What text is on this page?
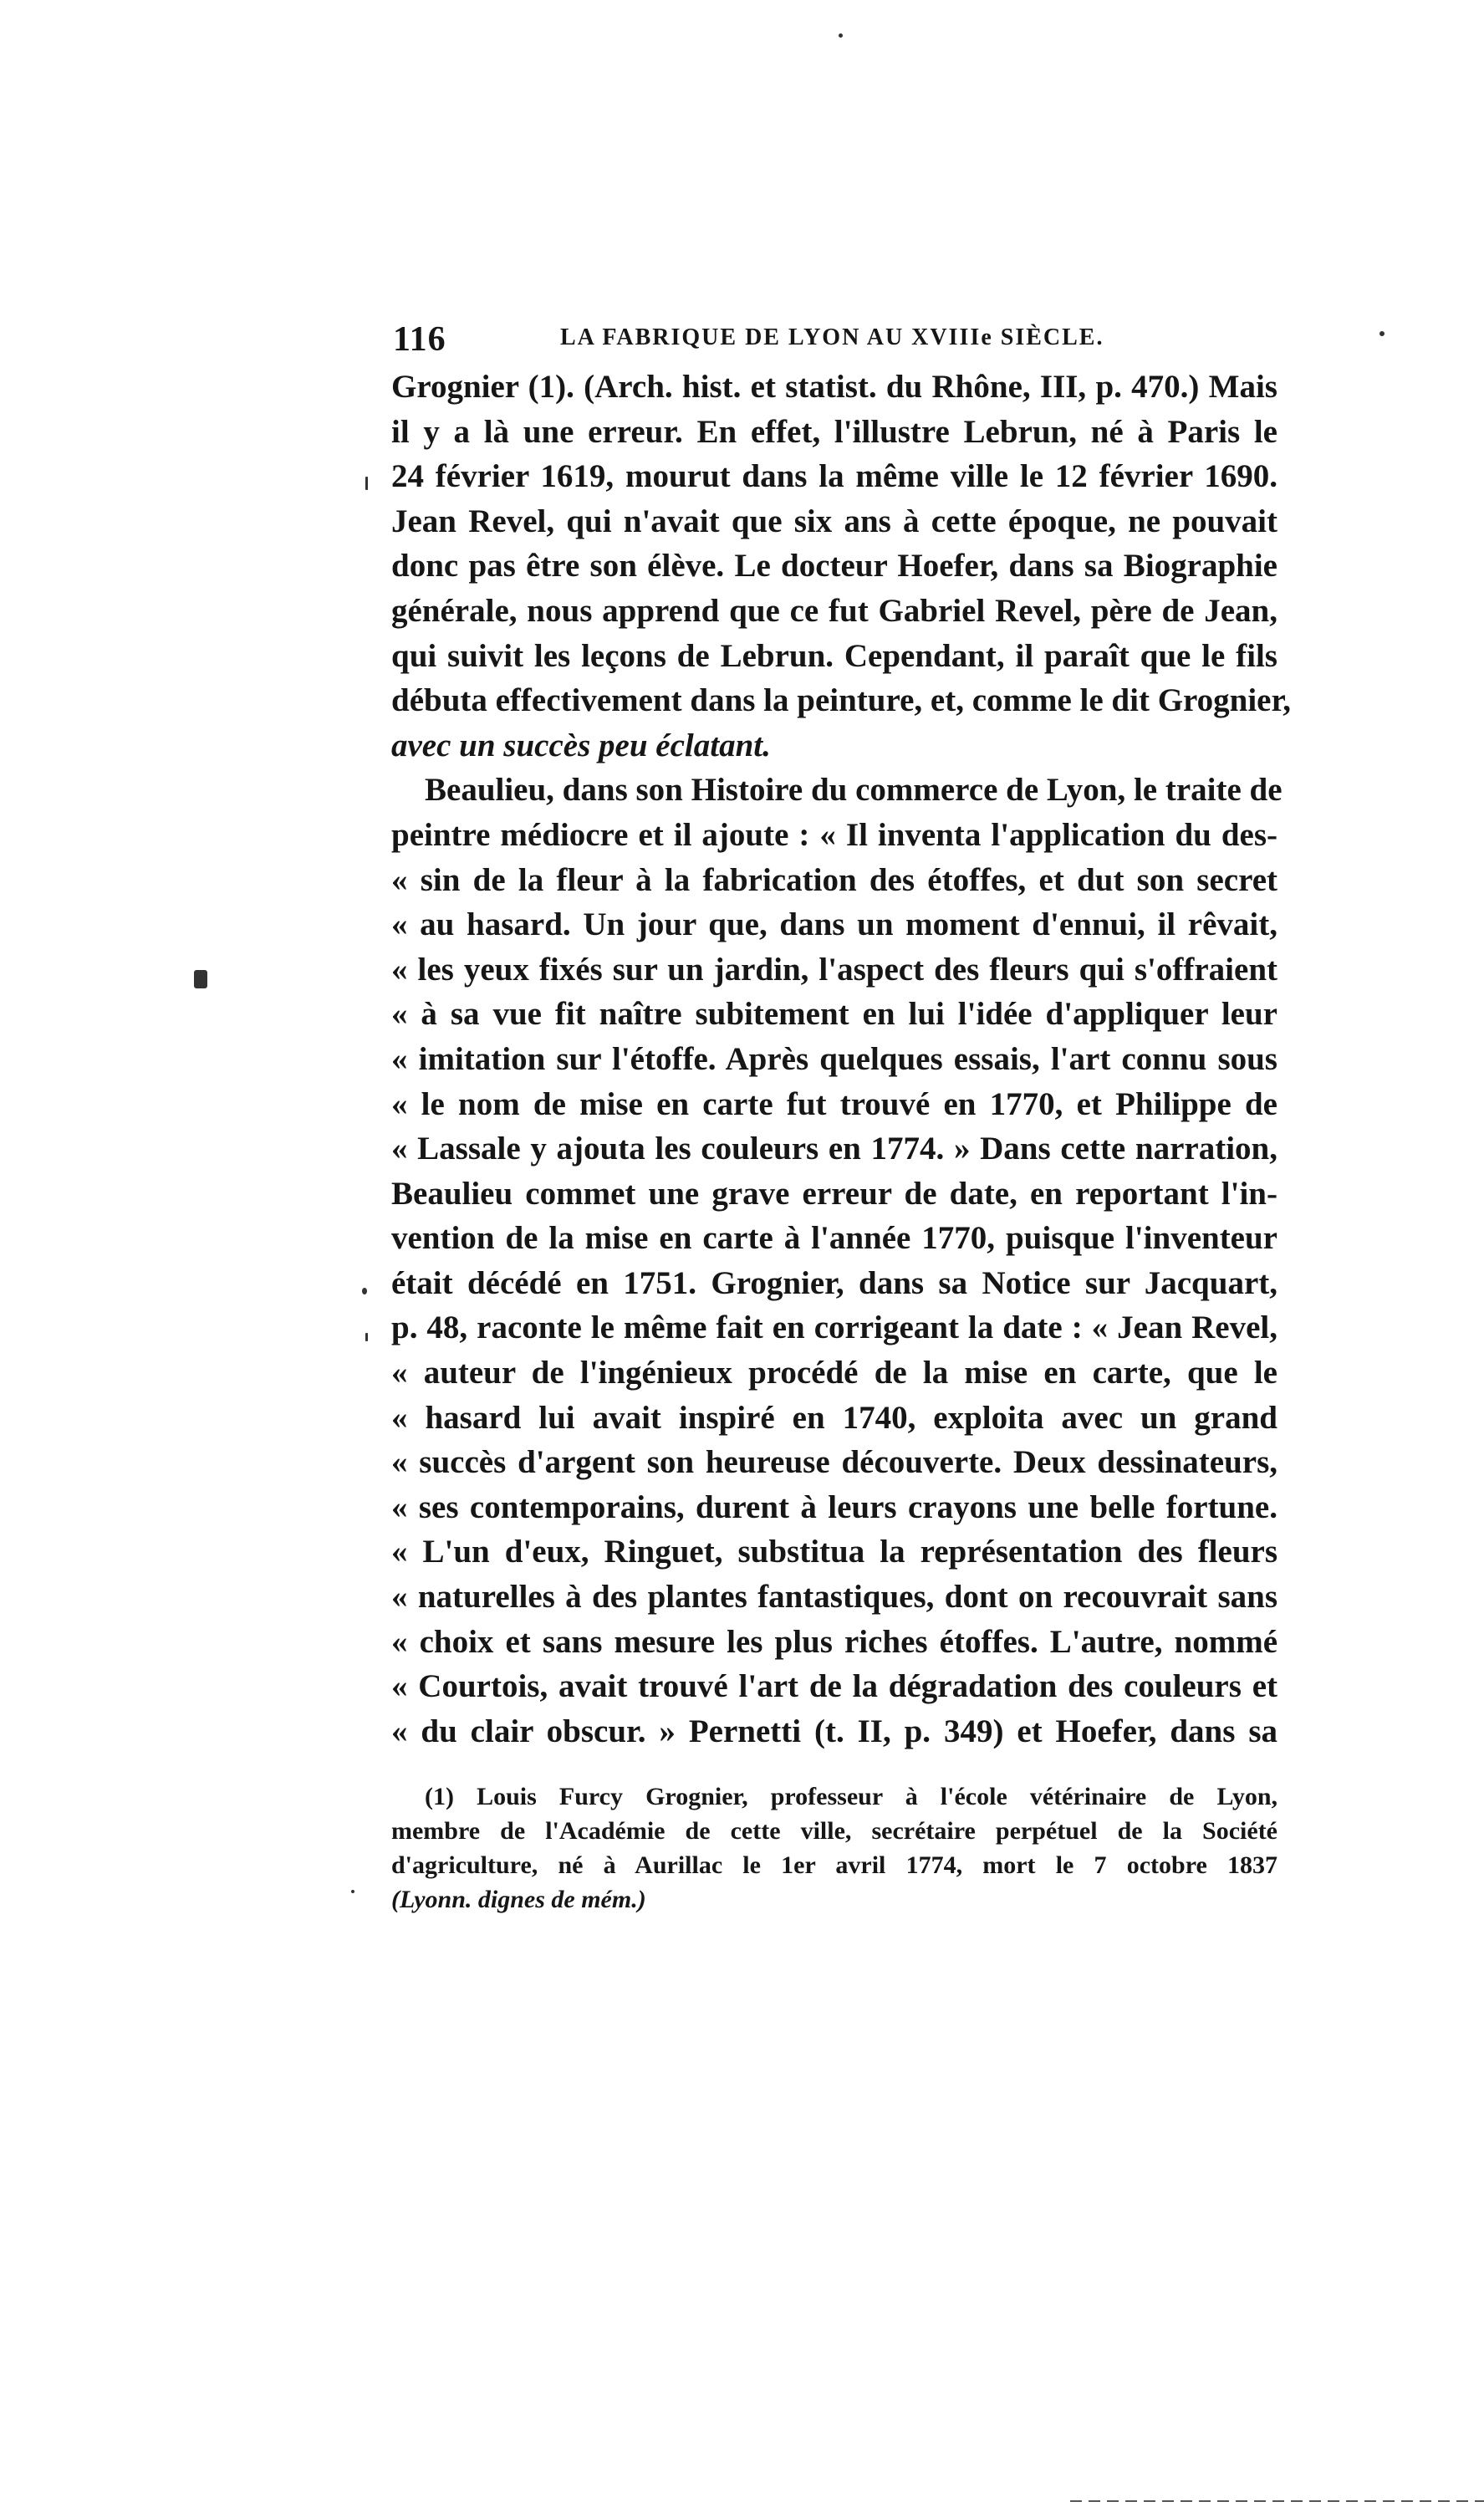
116	LA FABRIQUE DE LYON AU XVIIIe SIÈCLE.
Grognier (1). (Arch. hist. et statist. du Rhône, III, p. 470.) Mais
il y a là une erreur. En effet, l'illustre Lebrun, né à Paris le
24 février 1619, mourut dans la même ville le 12 février 1690.
Jean Revel, qui n'avait que six ans à cette époque, ne pouvait
donc pas être son élève. Le docteur Hoefer, dans sa Biographie
générale, nous apprend que ce fut Gabriel Revel, père de Jean,
qui suivit les leçons de Lebrun. Cependant, il paraît que le fils
débuta effectivement dans la peinture, et, comme le dit Grognier,
avec un succès peu éclatant.
Beaulieu, dans son Histoire du commerce de Lyon, le traite de
peintre médiocre et il ajoute : « Il inventa l'application du des-
« sin de la fleur à la fabrication des étoffes, et dut son secret
« au hasard. Un jour que, dans un moment d'ennui, il rêvait,
« les yeux fixés sur un jardin, l'aspect des fleurs qui s'offraient
« à sa vue fit naître subitement en lui l'idée d'appliquer leur
« imitation sur l'étoffe. Après quelques essais, l'art connu sous
« le nom de mise en carte fut trouvé en 1770, et Philippe de
« Lassale y ajouta les couleurs en 1774. » Dans cette narration,
Beaulieu commet une grave erreur de date, en reportant l'in-
vention de la mise en carte à l'année 1770, puisque l'inventeur
était décédé en 1751. Grognier, dans sa Notice sur Jacquart,
p. 48, raconte le même fait en corrigeant la date : « Jean Revel,
« auteur de l'ingénieux procédé de la mise en carte, que le
« hasard lui avait inspiré en 1740, exploita avec un grand
« succès d'argent son heureuse découverte. Deux dessinateurs,
« ses contemporains, durent à leurs crayons une belle fortune.
« L'un d'eux, Ringuet, substitua la représentation des fleurs
« naturelles à des plantes fantastiques, dont on recouvrait sans
« choix et sans mesure les plus riches étoffes. L'autre, nommé
« Courtois, avait trouvé l'art de la dégradation des couleurs et
« du clair obscur. » Pernetti (t. II, p. 349) et Hoefer, dans sa
(1) Louis Furcy Grognier, professeur à l'école vétérinaire de Lyon,
membre de l'Académie de cette ville, secrétaire perpétuel de la Société
d'agriculture, né à Aurillac le 1er avril 1774, mort le 7 octobre 1837
(Lyonn. dignes de mém.)
